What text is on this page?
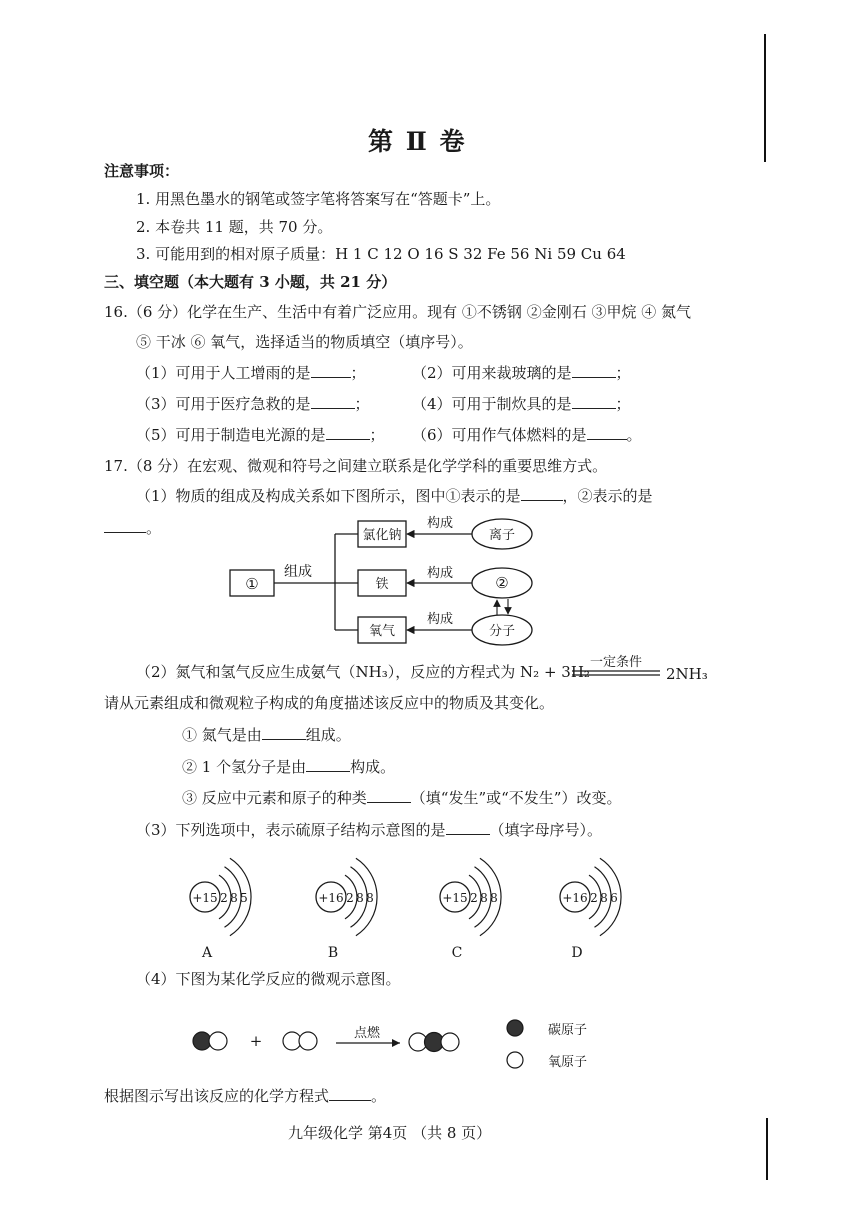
第 Ⅱ 卷
注意事项：
1. 用黑色墨水的钢笔或签字笔将答案写在“答题卡”上。
2. 本卷共 11 题，共 70 分。
3. 可能用到的相对原子质量：H 1 C 12 O 16 S 32 Fe 56 Ni 59 Cu 64
三、填空题（本大题有 3 小题，共 21 分）
16.（6 分）化学在生产、生活中有着广泛应用。现有 ①不锈钢 ②金刚石 ③甲烷 ④ 氮气
⑤ 干冰 ⑥ 氧气，选择适当的物质填空（填序号）。
（1）可用于人工增雨的是	；	（2）可用来裁玻璃的是	；
（3）可用于医疗急救的是	；	（4）可用于制炊具的是	；
（5）可用于制造电光源的是	； （6）可用作气体燃料的是	。
17.（8 分）在宏观、微观和符号之间建立联系是化学学科的重要思维方式。
（1）物质的组成及构成关系如下图所示，图中①表示的是	，②表示的是
。
①
组成
氯化钠
铁
氧气
构成
构成
构成
离子
②
分子
一定条件
2NH₃
（2）氮气和氢气反应生成氨气（NH₃），反应的方程式为 N₂ + 3H₂
请从元素组成和微观粒子构成的角度描述该反应中的物质及其变化。
① 氮气是由	组成。
② 1 个氢分子是由	构成。
③ 反应中元素和原子的种类	（填“发生”或“不发生”）改变。
（3）下列选项中，表示硫原子结构示意图的是	（填字母序号）。
+15 2 8 5
A
+16 2 8 8
B
+15 2 8 8
C
+16 2 8 6
D
（4）下图为某化学反应的微观示意图。
+	点燃	碳原子
氧原子
根据图示写出该反应的化学方程式	。
九年级化学 第4页 （共 8 页）
